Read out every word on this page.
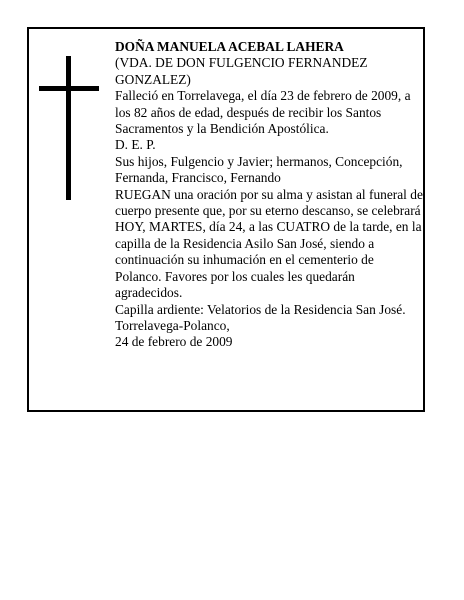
DOÑA MANUELA ACEBAL LAHERA

(VDA. DE DON FULGENCIO FERNANDEZ GONZALEZ)

Falleció en Torrelavega, el día 23 de febrero de 2009, a los 82 años de edad, después de recibir los Santos Sacramentos y la Bendición Apostólica.

D. E. P.

Sus hijos, Fulgencio y Javier; hermanos, Concepción, Fernanda, Francisco, Fernando

RUEGAN una oración por su alma y asistan al funeral de cuerpo presente que, por su eterno descanso, se celebrará HOY, MARTES, día 24, a las CUATRO de la tarde, en la capilla de la Residencia Asilo San José, siendo a continuación su inhumación en el cementerio de Polanco. Favores por los cuales les quedarán agradecidos.

Capilla ardiente: Velatorios de la Residencia San José.

Torrelavega-Polanco,

24 de febrero de 2009
